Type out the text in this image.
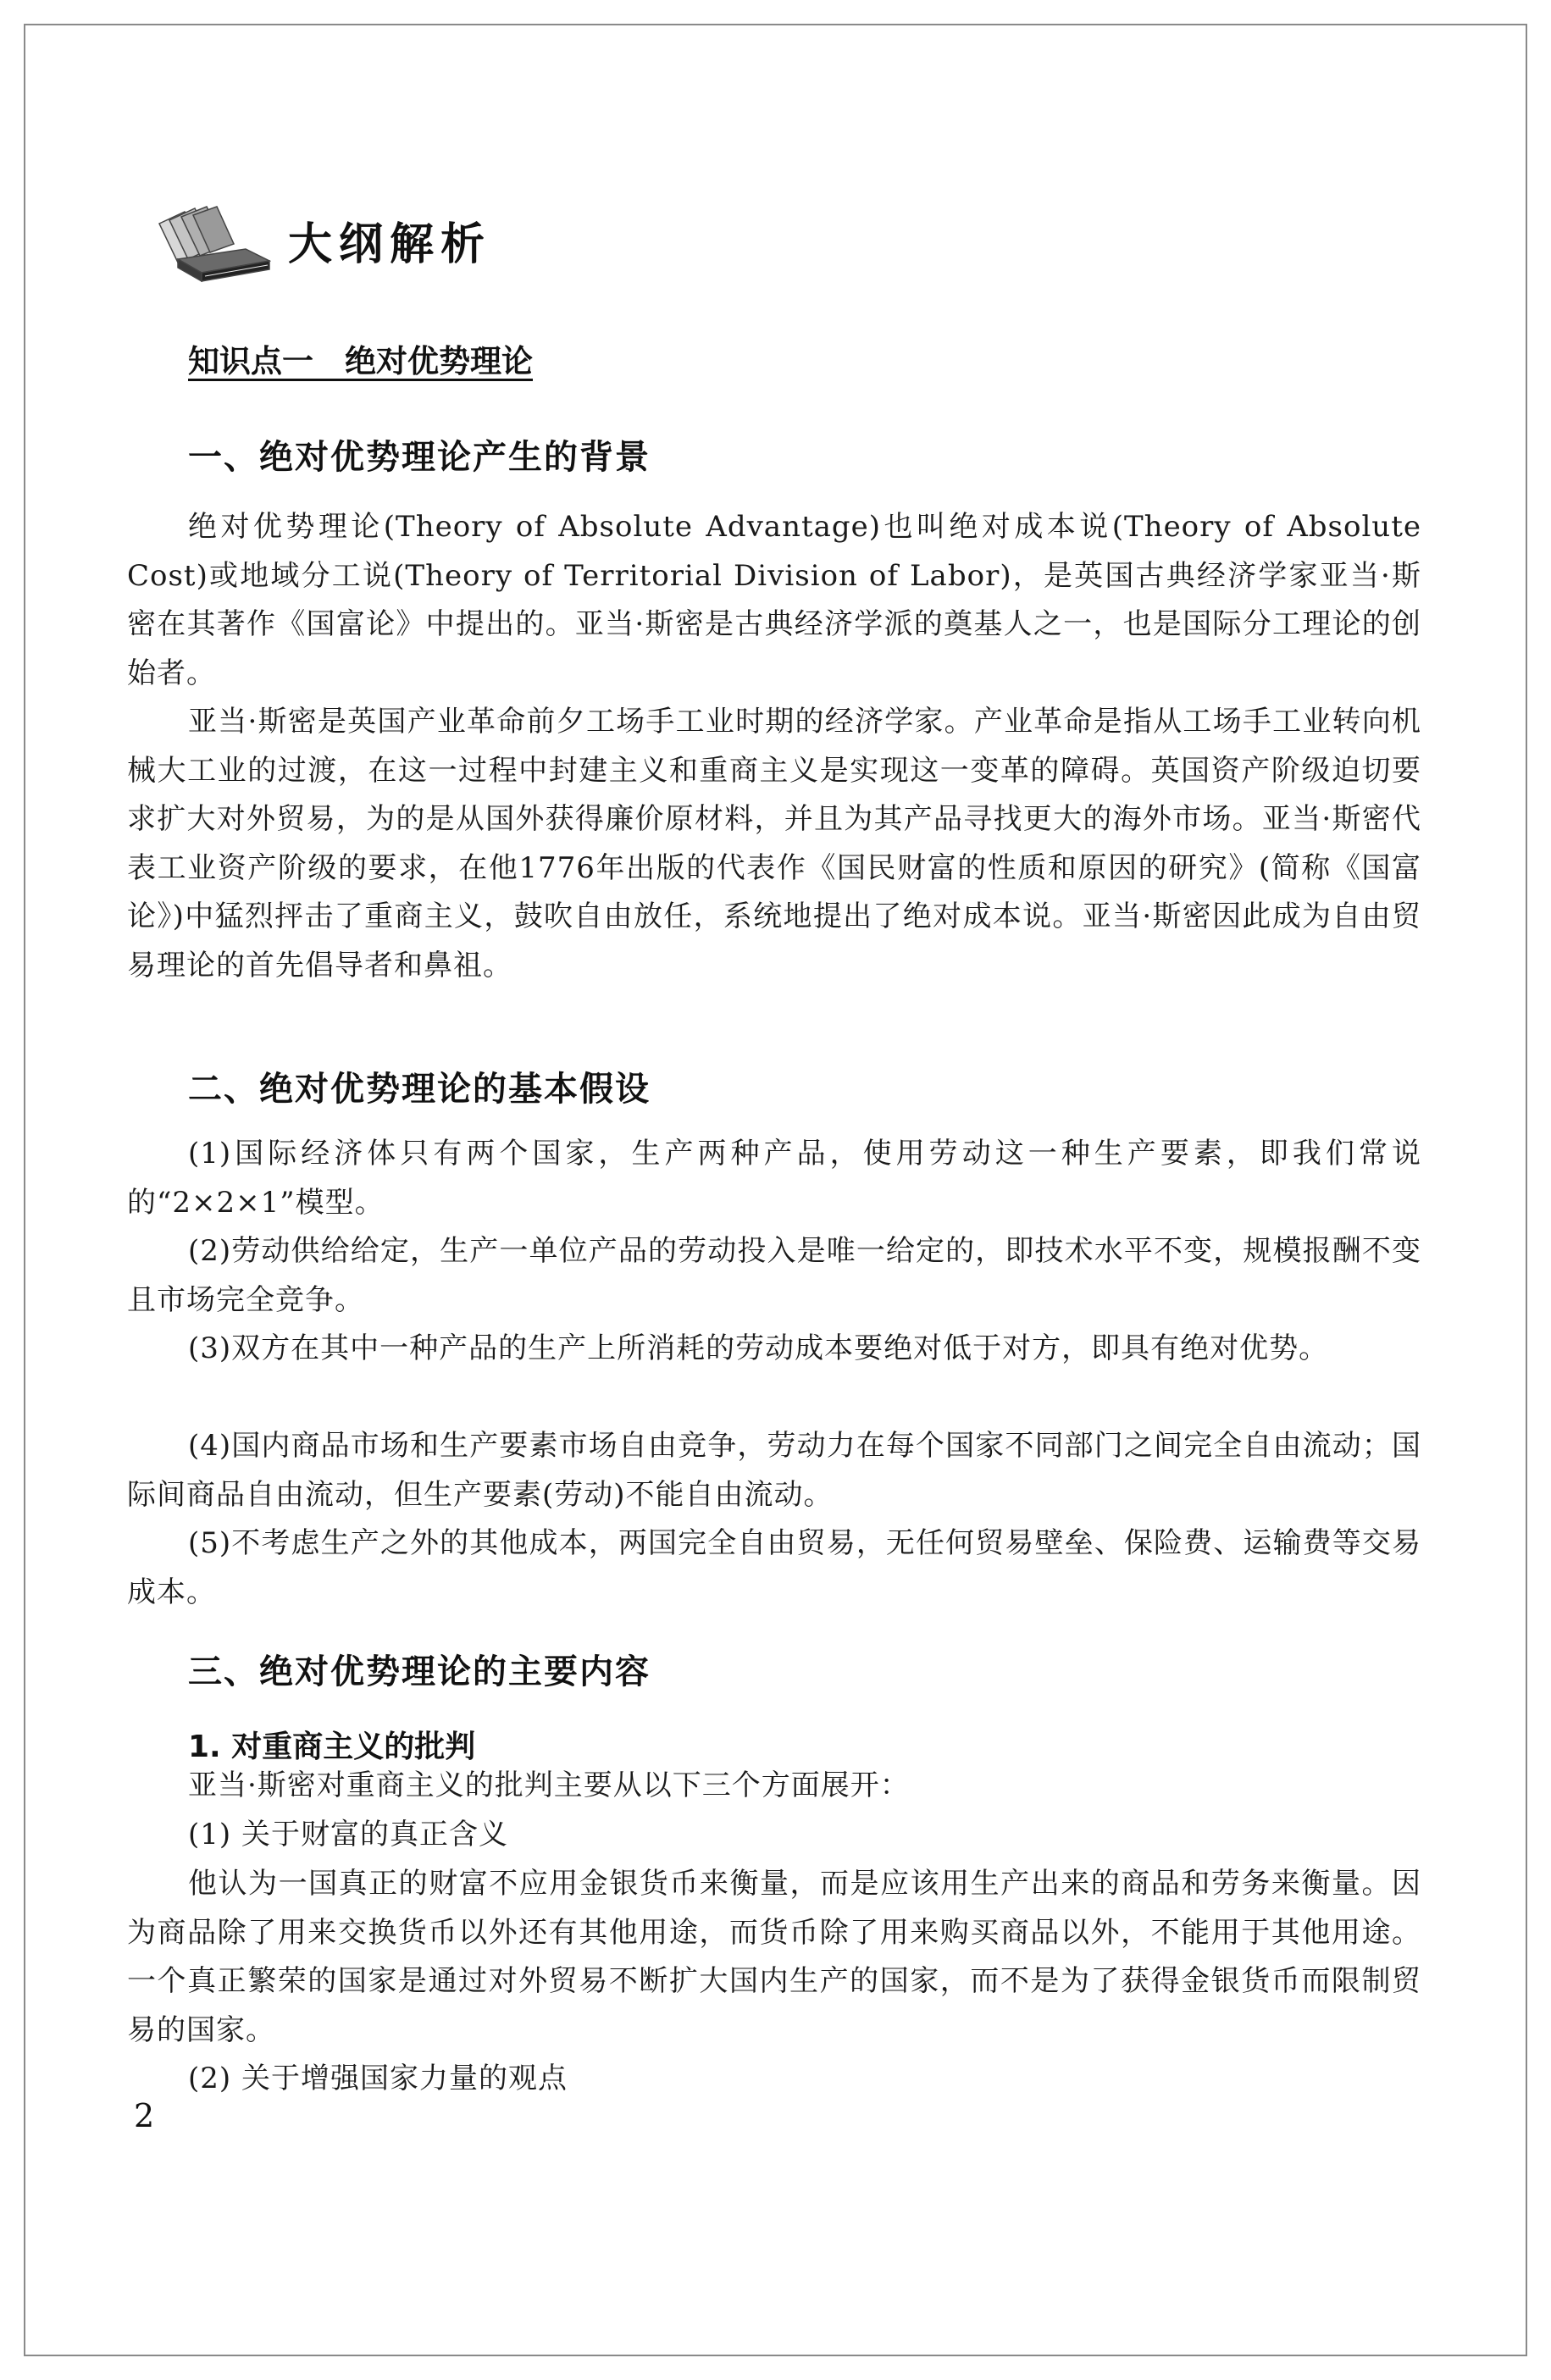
大纲解析
知识点一　绝对优势理论
一、绝对优势理论产生的背景
绝对优势理论(Theory of Absolute Advantage)也叫绝对成本说(Theory of Absolute Cost)或地域分工说(Theory of Territorial Division of Labor)，是英国古典经济学家亚当·斯密在其著作《国富论》中提出的。亚当·斯密是古典经济学派的奠基人之一，也是国际分工理论的创始者。
亚当·斯密是英国产业革命前夕工场手工业时期的经济学家。产业革命是指从工场手工业转向机械大工业的过渡，在这一过程中封建主义和重商主义是实现这一变革的障碍。英国资产阶级迫切要求扩大对外贸易，为的是从国外获得廉价原材料，并且为其产品寻找更大的海外市场。亚当·斯密代表工业资产阶级的要求，在他1776年出版的代表作《国民财富的性质和原因的研究》(简称《国富论》)中猛烈抨击了重商主义，鼓吹自由放任，系统地提出了绝对成本说。亚当·斯密因此成为自由贸易理论的首先倡导者和鼻祖。
二、绝对优势理论的基本假设
(1)国际经济体只有两个国家，生产两种产品，使用劳动这一种生产要素，即我们常说的“2×2×1”模型。
(2)劳动供给给定，生产一单位产品的劳动投入是唯一给定的，即技术水平不变，规模报酬不变且市场完全竞争。
(3)双方在其中一种产品的生产上所消耗的劳动成本要绝对低于对方，即具有绝对优势。
(4)国内商品市场和生产要素市场自由竞争，劳动力在每个国家不同部门之间完全自由流动；国际间商品自由流动，但生产要素(劳动)不能自由流动。
(5)不考虑生产之外的其他成本，两国完全自由贸易，无任何贸易壁垒、保险费、运输费等交易成本。
三、绝对优势理论的主要内容
1. 对重商主义的批判
亚当·斯密对重商主义的批判主要从以下三个方面展开：
(1) 关于财富的真正含义
他认为一国真正的财富不应用金银货币来衡量，而是应该用生产出来的商品和劳务来衡量。因为商品除了用来交换货币以外还有其他用途，而货币除了用来购买商品以外，不能用于其他用途。一个真正繁荣的国家是通过对外贸易不断扩大国内生产的国家，而不是为了获得金银货币而限制贸易的国家。
(2) 关于增强国家力量的观点
2
